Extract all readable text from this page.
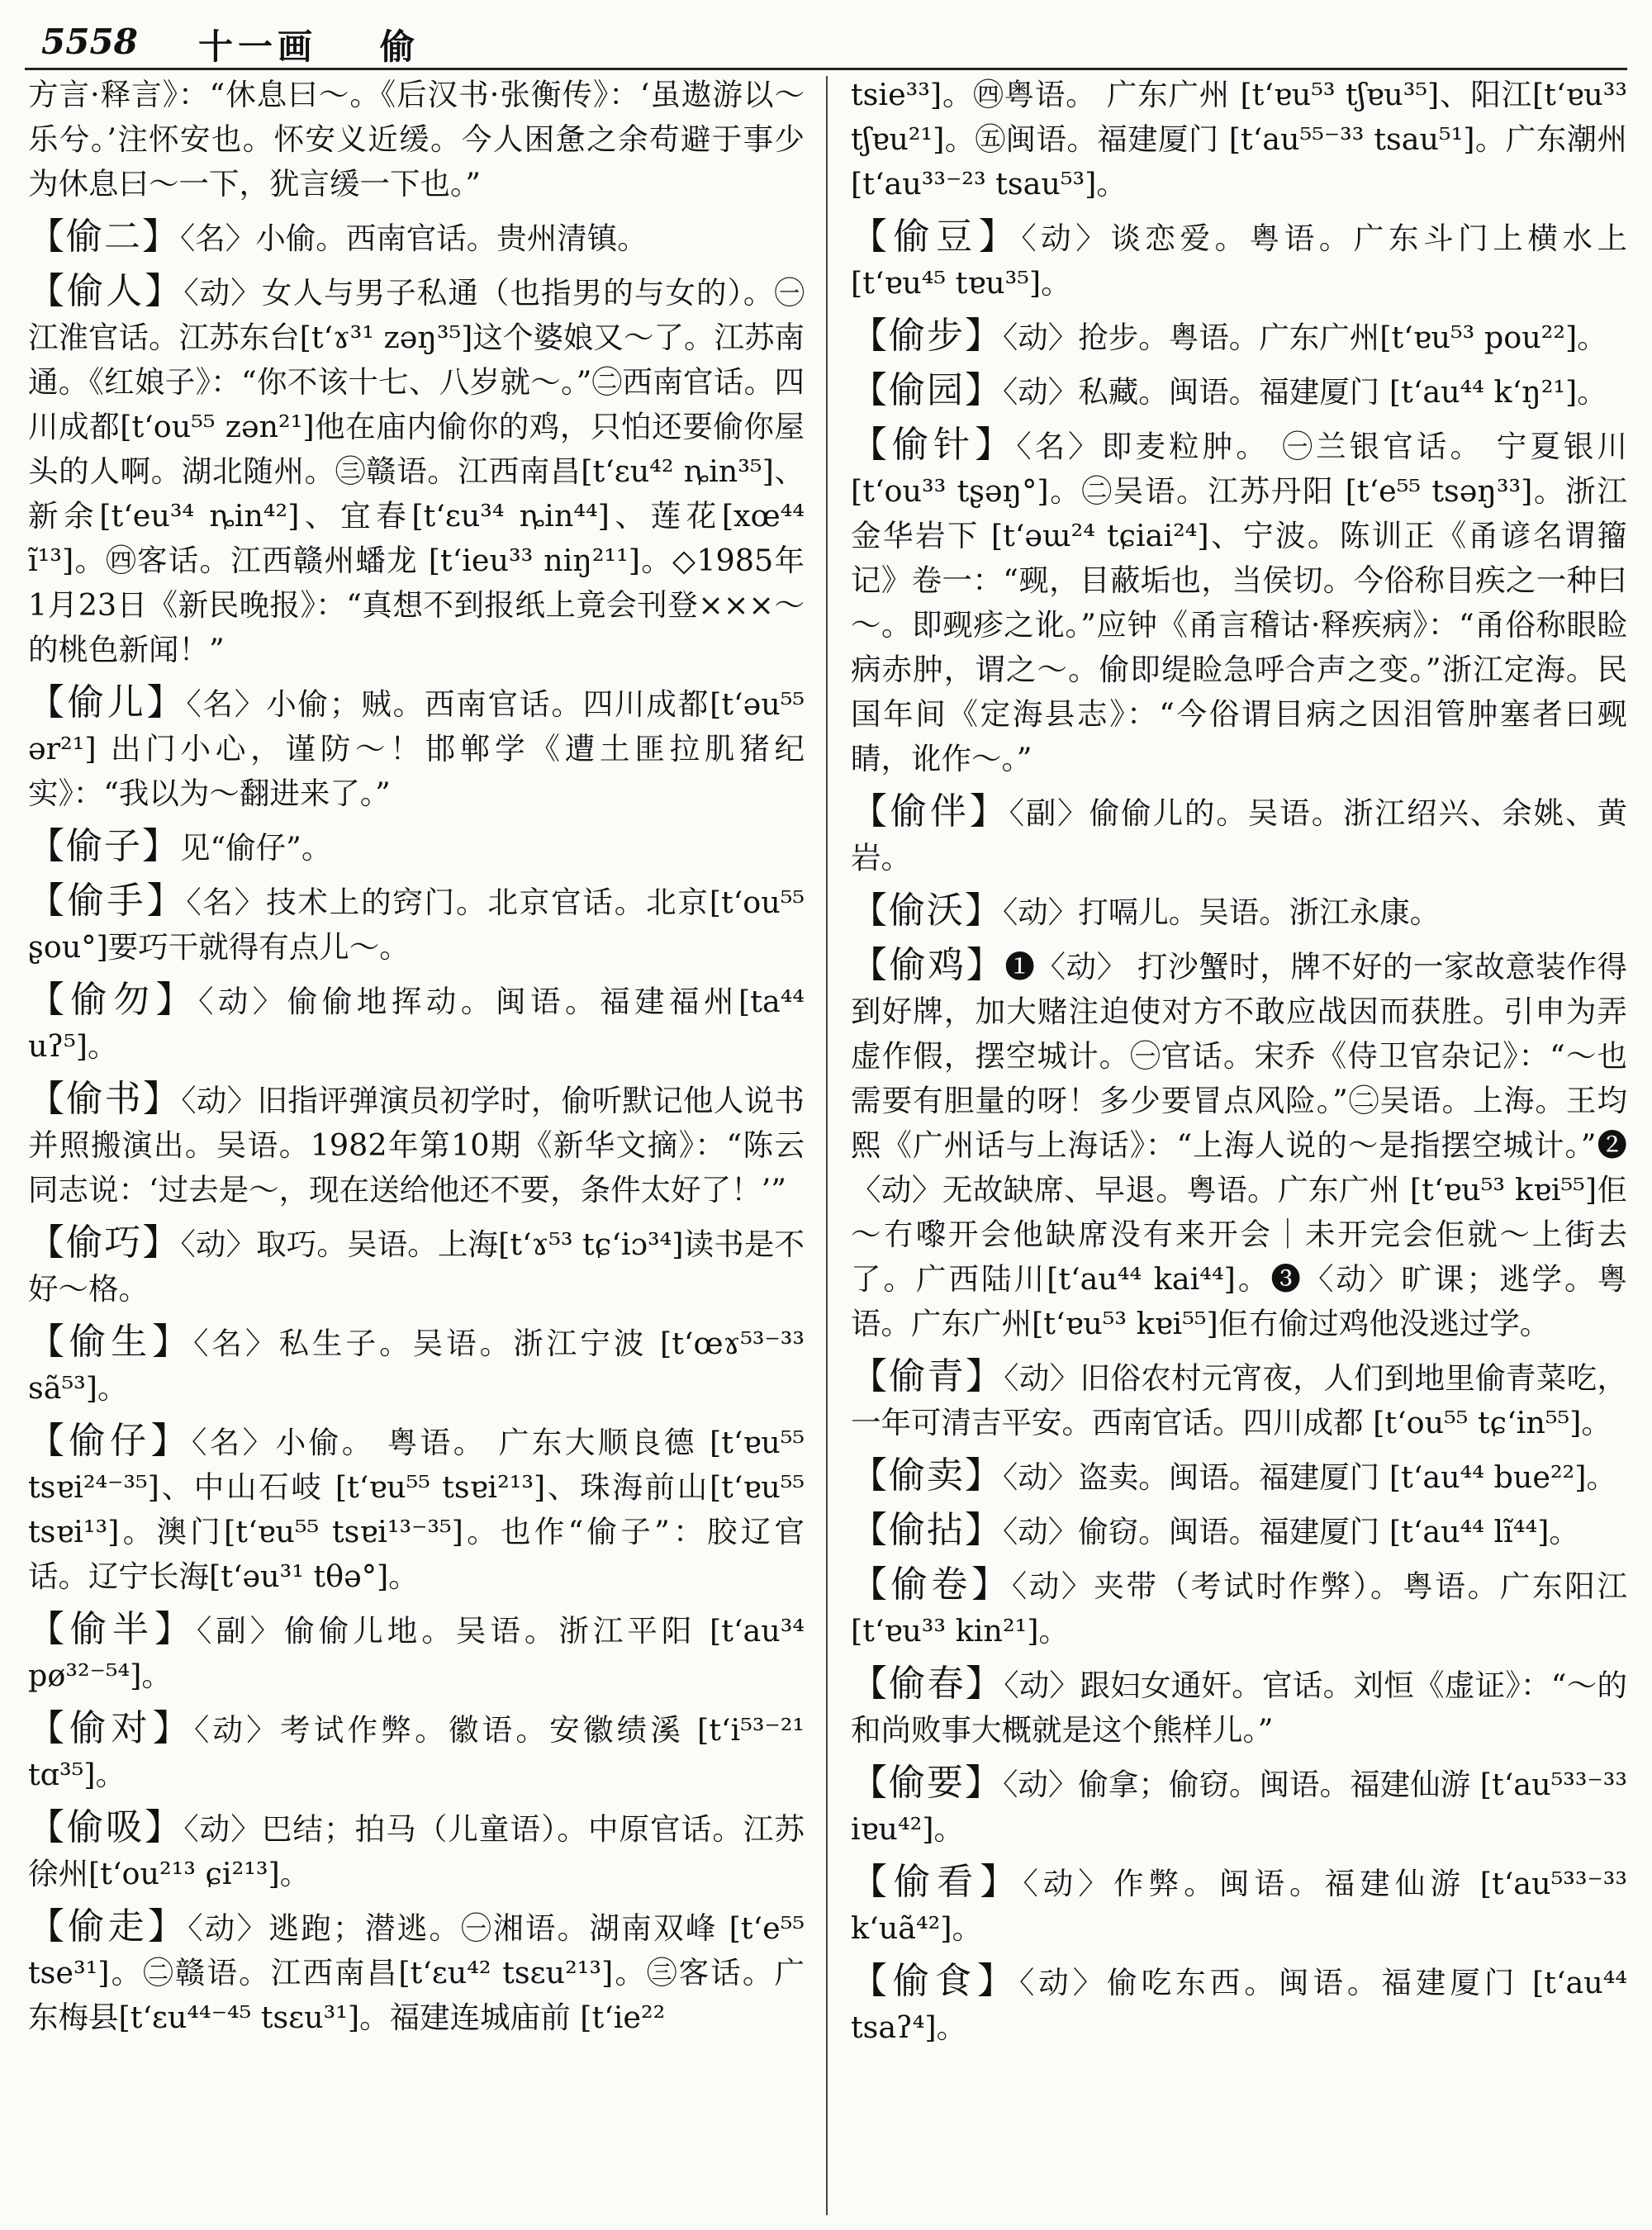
5558 十一画 偷
方言·释言》：“休息曰～。《后汉书·张衡传》：‘虽遨游以～乐兮。’注怀安也。怀安义近缓。今人困惫之余苟避于事少为休息曰～一下，犹言缓一下也。”
【偷二】〈名〉小偷。西南官话。贵州清镇。
【偷人】〈动〉女人与男子私通（也指男的与女的）。㊀江淮官话。江苏东台[t‘ɤ³¹ zəŋ³⁵]这个婆娘又～了。江苏南通。《红娘子》：“你不该十七、八岁就～。”㊁西南官话。四川成都[t‘ou⁵⁵ zən²¹]他在庙内偷你的鸡，只怕还要偷你屋头的人啊。湖北随州。㊂赣语。江西南昌[t‘ɛu⁴² ȵin³⁵]、新余[t‘eu³⁴ ȵin⁴²]、宜春[t‘ɛu³⁴ ȵin⁴⁴]、莲花[xœ⁴⁴ ĩ¹³]。㊃客话。江西赣州蟠龙 [t‘ieu³³ niŋ²¹¹]。◇1985年1月23日《新民晚报》：“真想不到报纸上竟会刊登×××～的桃色新闻！”
【偷儿】〈名〉小偷；贼。西南官话。四川成都[t‘əu⁵⁵ ər²¹] 出门小心，谨防～！邯郸学《遭土匪拉肌猪纪实》：“我以为～翻进来了。”
【偷子】见“偷仔”。
【偷手】〈名〉技术上的窍门。北京官话。北京[t‘ou⁵⁵ ʂou°]要巧干就得有点儿～。
【偷勿】〈动〉偷偷地挥动。闽语。福建福州[ta⁴⁴ uʔ⁵]。
【偷书】〈动〉旧指评弹演员初学时，偷听默记他人说书并照搬演出。吴语。1982年第10期《新华文摘》：“陈云同志说：‘过去是～，现在送给他还不要，条件太好了！’”
【偷巧】〈动〉取巧。吴语。上海[t‘ɤ⁵³ tɕ‘iɔ³⁴]读书是不好～格。
【偷生】〈名〉私生子。吴语。浙江宁波 [t‘œɤ⁵³⁻³³ sã⁵³]。
【偷仔】〈名〉小偷。 粤语。 广东大顺良德 [t‘ɐu⁵⁵ tsɐi²⁴⁻³⁵]、中山石岐 [t‘ɐu⁵⁵ tsɐi²¹³]、珠海前山[t‘ɐu⁵⁵ tsɐi¹³]。澳门[t‘ɐu⁵⁵ tsɐi¹³⁻³⁵]。也作“偷子”：胶辽官话。辽宁长海[t‘əu³¹ tθə°]。
【偷半】〈副〉偷偷儿地。吴语。浙江平阳 [t‘au³⁴ pø³²⁻⁵⁴]。
【偷对】〈动〉考试作弊。徽语。安徽绩溪 [t‘i⁵³⁻²¹ tɑ³⁵]。
【偷吸】〈动〉巴结；拍马（儿童语）。中原官话。江苏徐州[t‘ou²¹³ ɕi²¹³]。
【偷走】〈动〉逃跑；潜逃。㊀湘语。湖南双峰 [t‘e⁵⁵ tse³¹]。㊁赣语。江西南昌[t‘ɛu⁴² tsɛu²¹³]。㊂客话。广东梅县[t‘ɛu⁴⁴⁻⁴⁵ tsɛu³¹]。福建连城庙前 [t‘ie²²
tsie³³]。㊃粤语。 广东广州 [t‘ɐu⁵³ tʃɐu³⁵]、阳江[t‘ɐu³³ tʃɐu²¹]。㊄闽语。福建厦门 [t‘au⁵⁵⁻³³ tsau⁵¹]。广东潮州[t‘au³³⁻²³ tsau⁵³]。
【偷豆】〈动〉谈恋爱。粤语。广东斗门上横水上 [t‘ɐu⁴⁵ tɐu³⁵]。
【偷步】〈动〉抢步。粤语。广东广州[t‘ɐu⁵³ pou²²]。
【偷园】〈动〉私藏。闽语。福建厦门 [t‘au⁴⁴ k‘ŋ²¹]。
【偷针】〈名〉即麦粒肿。 ㊀兰银官话。 宁夏银川 [t‘ou³³ tʂəŋ°]。㊁吴语。江苏丹阳 [t‘e⁵⁵ tsəŋ³³]。浙江金华岩下 [t‘əɯ²⁴ tɕiai²⁴]、宁波。陈训正《甬谚名谓籀记》卷一：“觋，目蔽垢也，当侯切。今俗称目疾之一种曰～。即觋疹之讹。”应钟《甬言稽诂·释疾病》：“甬俗称眼睑病赤肿，谓之～。偷即缇睑急呼合声之变。”浙江定海。民国年间《定海县志》：“今俗谓目病之因泪管肿塞者曰觋睛，讹作～。”
【偷伴】〈副〉偷偷儿的。吴语。浙江绍兴、余姚、黄岩。
【偷沃】〈动〉打嗝儿。吴语。浙江永康。
【偷鸡】❶〈动〉 打沙蟹时，牌不好的一家故意装作得到好牌，加大赌注迫使对方不敢应战因而获胜。引申为弄虚作假，摆空城计。㊀官话。宋乔《侍卫官杂记》：“～也需要有胆量的呀！多少要冒点风险。”㊁吴语。上海。王均熙《广州话与上海话》：“上海人说的～是指摆空城计。”❷〈动〉无故缺席、早退。粤语。广东广州 [t‘ɐu⁵³ kɐi⁵⁵]佢～冇嚟开会他缺席没有来开会｜未开完会佢就～上街去了。广西陆川[t‘au⁴⁴ kai⁴⁴]。❸〈动〉旷课；逃学。粤语。广东广州[t‘ɐu⁵³ kɐi⁵⁵]佢冇偷过鸡他没逃过学。
【偷青】〈动〉旧俗农村元宵夜，人们到地里偷青菜吃，一年可清吉平安。西南官话。四川成都 [t‘ou⁵⁵ tɕ‘in⁵⁵]。
【偷卖】〈动〉盗卖。闽语。福建厦门 [t‘au⁴⁴ bue²²]。
【偷拈】〈动〉偷窃。闽语。福建厦门 [t‘au⁴⁴ lĩ⁴⁴]。
【偷卷】〈动〉夹带（考试时作弊）。粤语。广东阳江 [t‘ɐu³³ kin²¹]。
【偷春】〈动〉跟妇女通奸。官话。刘恒《虚证》：“～的和尚败事大概就是这个熊样儿。”
【偷要】〈动〉偷拿；偷窃。闽语。福建仙游 [t‘au⁵³³⁻³³ iɐu⁴²]。
【偷看】〈动〉作弊。闽语。福建仙游 [t‘au⁵³³⁻³³ k‘uã⁴²]。
【偷食】〈动〉偷吃东西。闽语。福建厦门 [t‘au⁴⁴ tsaʔ⁴]。
